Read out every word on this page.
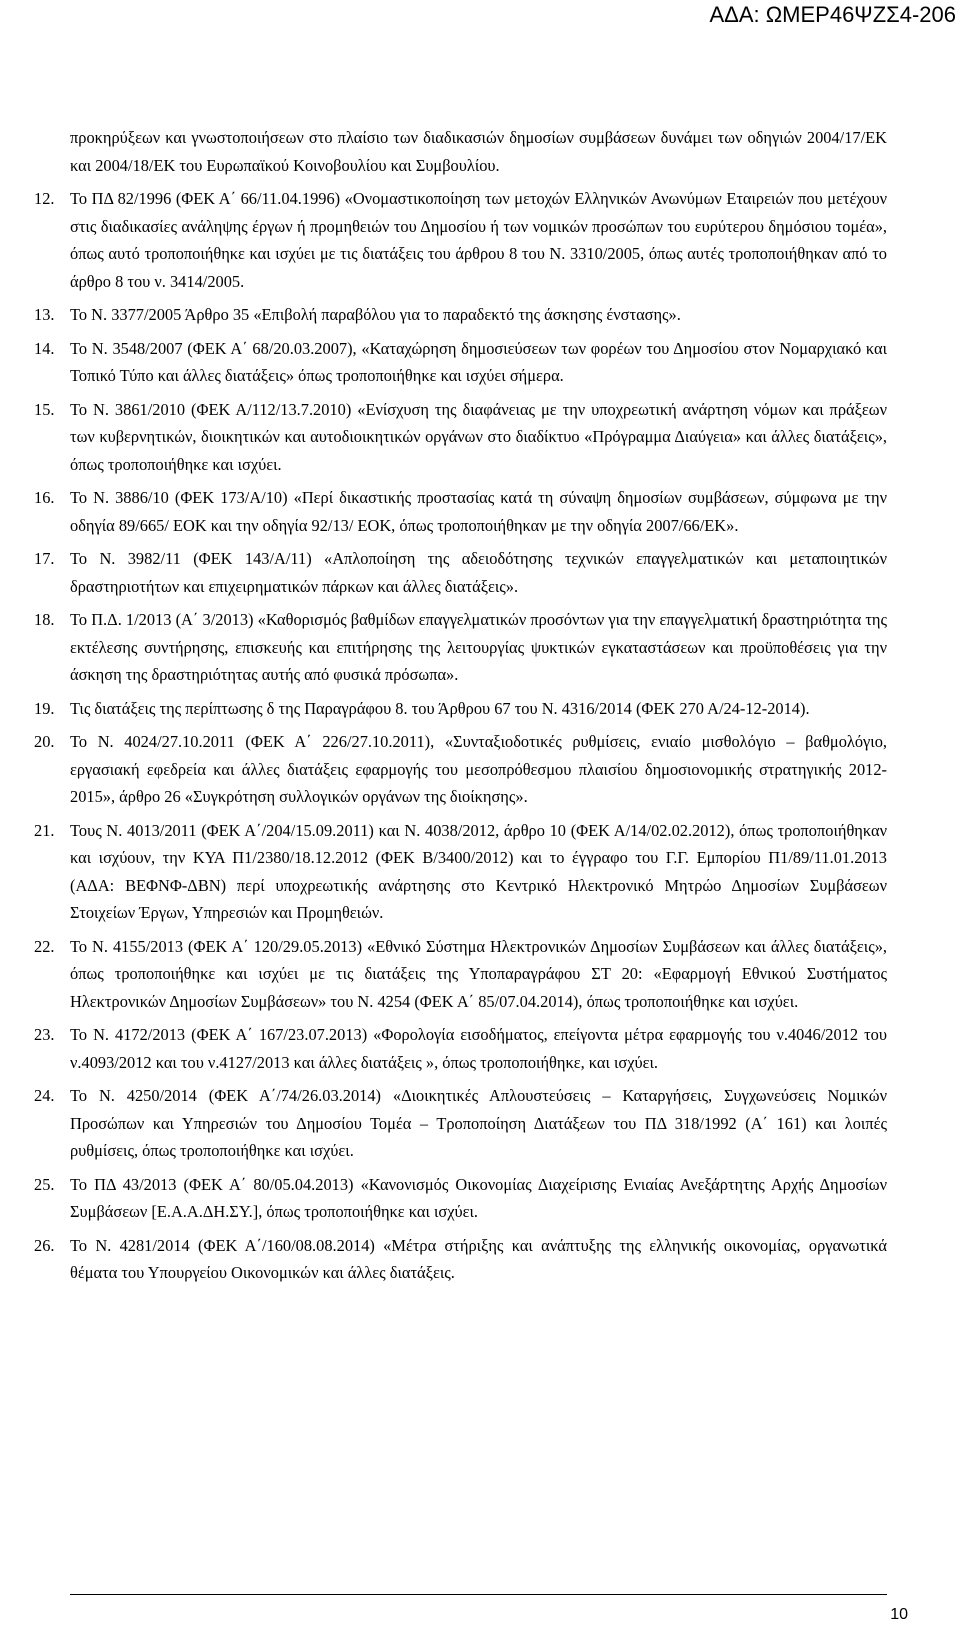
ΑΔΑ: ΩΜΕΡ46ΨΖΣ4-206

προκηρύξεων και γνωστοποιήσεων στο πλαίσιο των διαδικασιών δημοσίων συμβάσεων δυνάμει των οδηγιών 2004/17/ΕΚ και 2004/18/ΕΚ του Ευρωπαϊκού Κοινοβουλίου και Συμβουλίου.

12. Το ΠΔ 82/1996 (ΦΕΚ Α΄ 66/11.04.1996) «Ονομαστικοποίηση των μετοχών Ελληνικών Ανωνύμων Εταιρειών που μετέχουν στις διαδικασίες ανάληψης έργων ή προμηθειών του Δημοσίου ή των νομικών προσώπων του ευρύτερου δημόσιου τομέα», όπως αυτό τροποποιήθηκε και ισχύει με τις διατάξεις του άρθρου 8 του Ν. 3310/2005, όπως αυτές τροποποιήθηκαν από το άρθρο 8 του ν. 3414/2005.
13. Το Ν. 3377/2005 Άρθρο 35 «Επιβολή παραβόλου για το παραδεκτό της άσκησης ένστασης».
14. Το Ν. 3548/2007 (ΦΕΚ Α΄ 68/20.03.2007), «Καταχώρηση δημοσιεύσεων των φορέων του Δημοσίου στον Νομαρχιακό και Τοπικό Τύπο και άλλες διατάξεις» όπως τροποποιήθηκε και ισχύει σήμερα.
15. Το Ν. 3861/2010 (ΦΕΚ Α/112/13.7.2010) «Ενίσχυση της διαφάνειας με την υποχρεωτική ανάρτηση νόμων και πράξεων των κυβερνητικών, διοικητικών και αυτοδιοικητικών οργάνων στο διαδίκτυο «Πρόγραμμα Διαύγεια» και άλλες διατάξεις», όπως τροποποιήθηκε και ισχύει.
16. Το Ν. 3886/10 (ΦΕΚ 173/Α/10) «Περί δικαστικής προστασίας κατά τη σύναψη δημοσίων συμβάσεων, σύμφωνα με την οδηγία 89/665/ ΕΟΚ και την οδηγία 92/13/ ΕΟΚ, όπως τροποποιήθηκαν με την οδηγία 2007/66/ΕΚ».
17. Το Ν. 3982/11 (ΦΕΚ 143/Α/11) «Απλοποίηση της αδειοδότησης τεχνικών επαγγελματικών και μεταποιητικών δραστηριοτήτων και επιχειρηματικών πάρκων και άλλες διατάξεις».
18. Το Π.Δ. 1/2013 (Α΄ 3/2013) «Καθορισμός βαθμίδων επαγγελματικών προσόντων για την επαγγελματική δραστηριότητα της εκτέλεσης συντήρησης, επισκευής και επιτήρησης της λειτουργίας ψυκτικών εγκαταστάσεων και προϋποθέσεις για την άσκηση της δραστηριότητας αυτής από φυσικά πρόσωπα».
19. Τις διατάξεις της περίπτωσης δ της Παραγράφου 8. του Άρθρου 67 του Ν. 4316/2014 (ΦΕΚ 270 Α/24-12-2014).
20. Το Ν. 4024/27.10.2011 (ΦΕΚ Α΄ 226/27.10.2011), «Συνταξιοδοτικές ρυθμίσεις, ενιαίο μισθολόγιο – βαθμολόγιο, εργασιακή εφεδρεία και άλλες διατάξεις εφαρμογής του μεσοπρόθεσμου πλαισίου δημοσιονομικής στρατηγικής 2012-2015», άρθρο 26 «Συγκρότηση συλλογικών οργάνων της διοίκησης».
21. Τους Ν. 4013/2011 (ΦΕΚ Α΄/204/15.09.2011) και Ν. 4038/2012, άρθρο 10 (ΦΕΚ Α/14/02.02.2012), όπως τροποποιήθηκαν και ισχύουν, την ΚΥΑ Π1/2380/18.12.2012 (ΦΕΚ Β/3400/2012) και το έγγραφο του Γ.Γ. Εμπορίου Π1/89/11.01.2013 (ΑΔΑ: ΒΕΦΝΦ-ΔΒΝ) περί υποχρεωτικής ανάρτησης στο Κεντρικό Ηλεκτρονικό Μητρώο Δημοσίων Συμβάσεων Στοιχείων Έργων, Υπηρεσιών και Προμηθειών.
22. Το Ν. 4155/2013 (ΦΕΚ Α΄ 120/29.05.2013) «Εθνικό Σύστημα Ηλεκτρονικών Δημοσίων Συμβάσεων και άλλες διατάξεις», όπως τροποποιήθηκε και ισχύει με τις διατάξεις της Υποπαραγράφου ΣΤ 20: «Εφαρμογή Εθνικού Συστήματος Ηλεκτρονικών Δημοσίων Συμβάσεων» του Ν. 4254 (ΦΕΚ Α΄ 85/07.04.2014), όπως τροποποιήθηκε και ισχύει.
23. Το Ν. 4172/2013 (ΦΕΚ Α΄ 167/23.07.2013) «Φορολογία εισοδήματος, επείγοντα μέτρα εφαρμογής του ν.4046/2012 του ν.4093/2012 και του ν.4127/2013 και άλλες διατάξεις », όπως τροποποιήθηκε, και ισχύει.
24. Το Ν. 4250/2014 (ΦΕΚ Α΄/74/26.03.2014) «Διοικητικές Απλουστεύσεις – Καταργήσεις, Συγχωνεύσεις Νομικών Προσώπων και Υπηρεσιών του Δημοσίου Τομέα – Τροποποίηση Διατάξεων του ΠΔ 318/1992 (Α΄ 161) και λοιπές ρυθμίσεις, όπως τροποποιήθηκε και ισχύει.
25. Το ΠΔ 43/2013 (ΦΕΚ Α΄ 80/05.04.2013) «Κανονισμός Οικονομίας Διαχείρισης Ενιαίας Ανεξάρτητης Αρχής Δημοσίων Συμβάσεων [Ε.Α.Α.ΔΗ.ΣΥ.], όπως τροποποιήθηκε και ισχύει.
26. Το Ν. 4281/2014 (ΦΕΚ Α΄/160/08.08.2014) «Μέτρα στήριξης και ανάπτυξης της ελληνικής οικονομίας, οργανωτικά θέματα του Υπουργείου Οικονομικών και άλλες διατάξεις.
10
